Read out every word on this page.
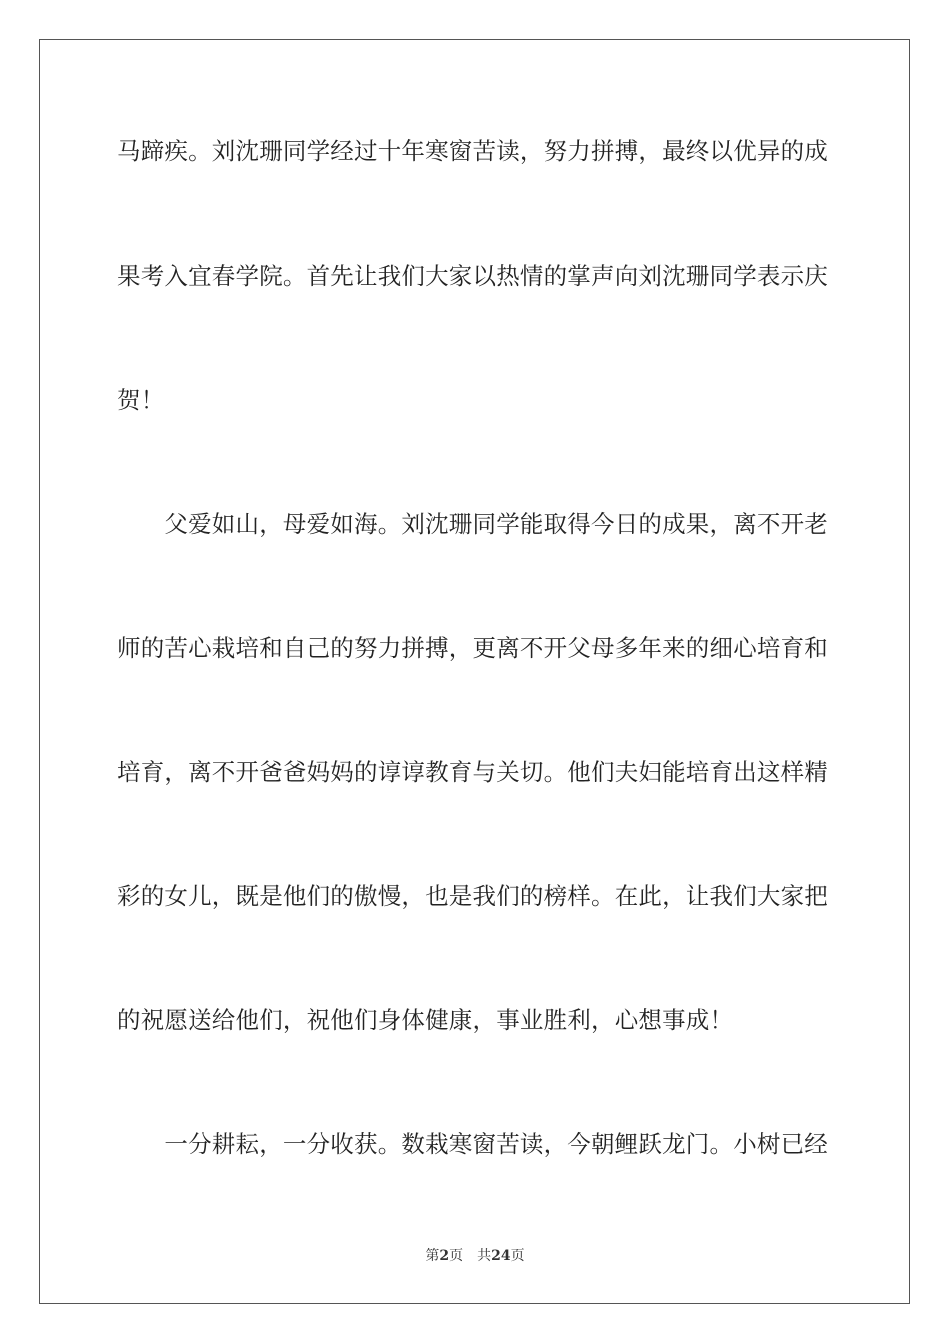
马蹄疾。刘沈珊同学经过十年寒窗苦读，努力拼搏，最终以优异的成
果考入宜春学院。首先让我们大家以热情的掌声向刘沈珊同学表示庆
贺！
　　父爱如山，母爱如海。刘沈珊同学能取得今日的成果，离不开老
师的苦心栽培和自己的努力拼搏，更离不开父母多年来的细心培育和
培育，离不开爸爸妈妈的谆谆教育与关切。他们夫妇能培育出这样精
彩的女儿，既是他们的傲慢，也是我们的榜样。在此，让我们大家把
的祝愿送给他们，祝他们身体健康，事业胜利，心想事成！
　　一分耕耘，一分收获。数栽寒窗苦读，今朝鲤跃龙门。小树已经
第2页 共24页
